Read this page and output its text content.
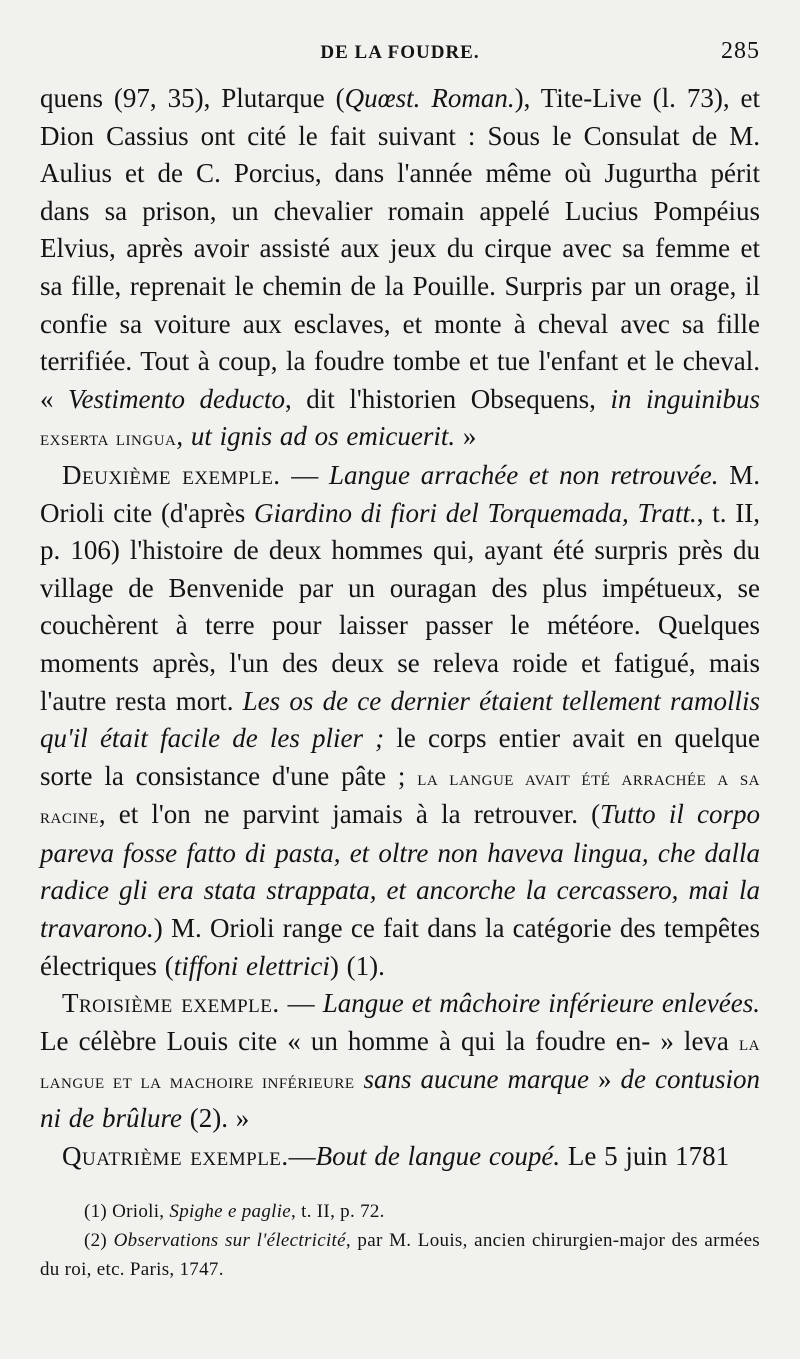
DE LA FOUDRE.	285

quens (97, 35), Plutarque (Quœst. Roman.), Tite-Live (l. 73), et Dion Cassius ont cité le fait suivant : Sous le Consulat de M. Aulius et de C. Porcius, dans l'année même où Jugurtha périt dans sa prison, un chevalier romain appelé Lucius Pompéius Elvius, après avoir assisté aux jeux du cirque avec sa femme et sa fille, reprenait le chemin de la Pouille. Surpris par un orage, il confie sa voiture aux esclaves, et monte à cheval avec sa fille terrifiée. Tout à coup, la foudre tombe et tue l'enfant et le cheval. « Vestimento deducto, dit l'historien Obsequens, in inguinibus exserta lingua, ut ignis ad os emicuerit. »

Deuxième exemple. — Langue arrachée et non retrouvée. M. Orioli cite (d'après Giardino di fiori del Torquemada, Tratt., t. II, p. 106) l'histoire de deux hommes qui, ayant été surpris près du village de Benvenide par un ouragan des plus impétueux, se couchèrent à terre pour laisser passer le météore. Quelques moments après, l'un des deux se releva roide et fatigué, mais l'autre resta mort. Les os de ce dernier étaient tellement ramollis qu'il était facile de les plier ; le corps entier avait en quelque sorte la consistance d'une pâte ; la langue avait été arrachée a sa racine, et l'on ne parvint jamais à la retrouver. (Tutto il corpo pareva fosse fatto di pasta, et oltre non haveva lingua, che dalla radice gli era stata strappata, et ancorche la cercassero, mai la travarono.) M. Orioli range ce fait dans la catégorie des tempêtes électriques (tiffoni elettrici) (1).

Troisième exemple. — Langue et mâchoire inférieure enlevées. Le célèbre Louis cite « un homme à qui la foudre en- » leva la langue et la machoire inférieure sans aucune marque » de contusion ni de brûlure (2). »

Quatrième exemple.—Bout de langue coupé. Le 5 juin 1781

(1) Orioli, Spighe e paglie, t. II, p. 72.

(2) Observations sur l'électricité, par M. Louis, ancien chirurgien-major des armées du roi, etc. Paris, 1747.
